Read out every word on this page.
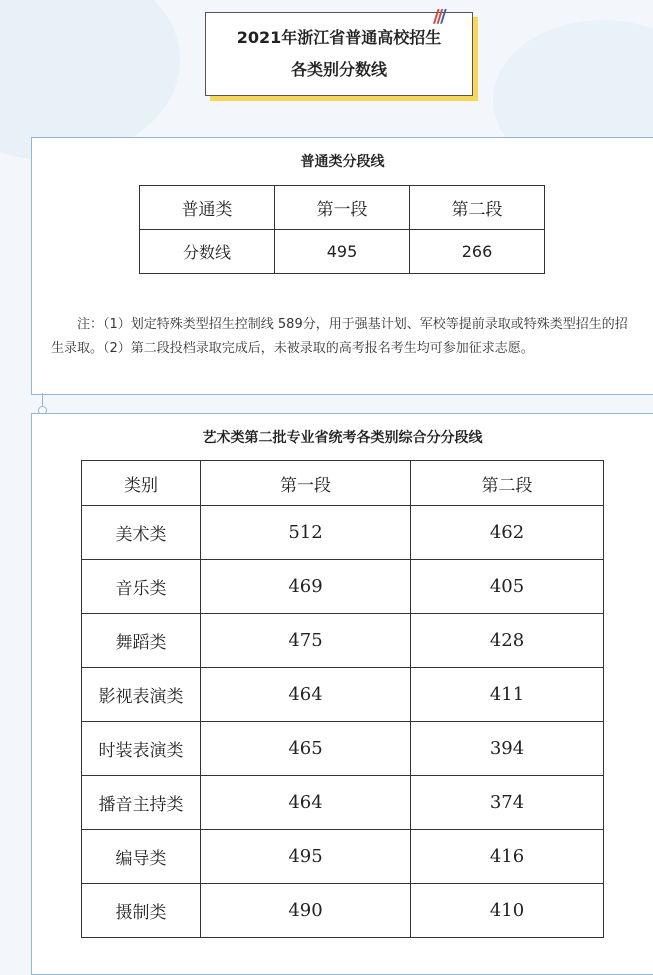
2021年浙江省普通高校招生
各类别分数线
///
普通类分段线
普通类	第一段	第二段
分数线	495	266
注：（1）划定特殊类型招生控制线 589分，用于强基计划、军校等提前录取或特殊类型招生的招生录取。（2）第二段投档录取完成后，未被录取的高考报名考生均可参加征求志愿。
艺术类第二批专业省统考各类别综合分分段线
类别	第一段	第二段
美术类	512	462
音乐类	469	405
舞蹈类	475	428
影视表演类	464	411
时装表演类	465	394
播音主持类	464	374
编导类	495	416
摄制类	490	410
